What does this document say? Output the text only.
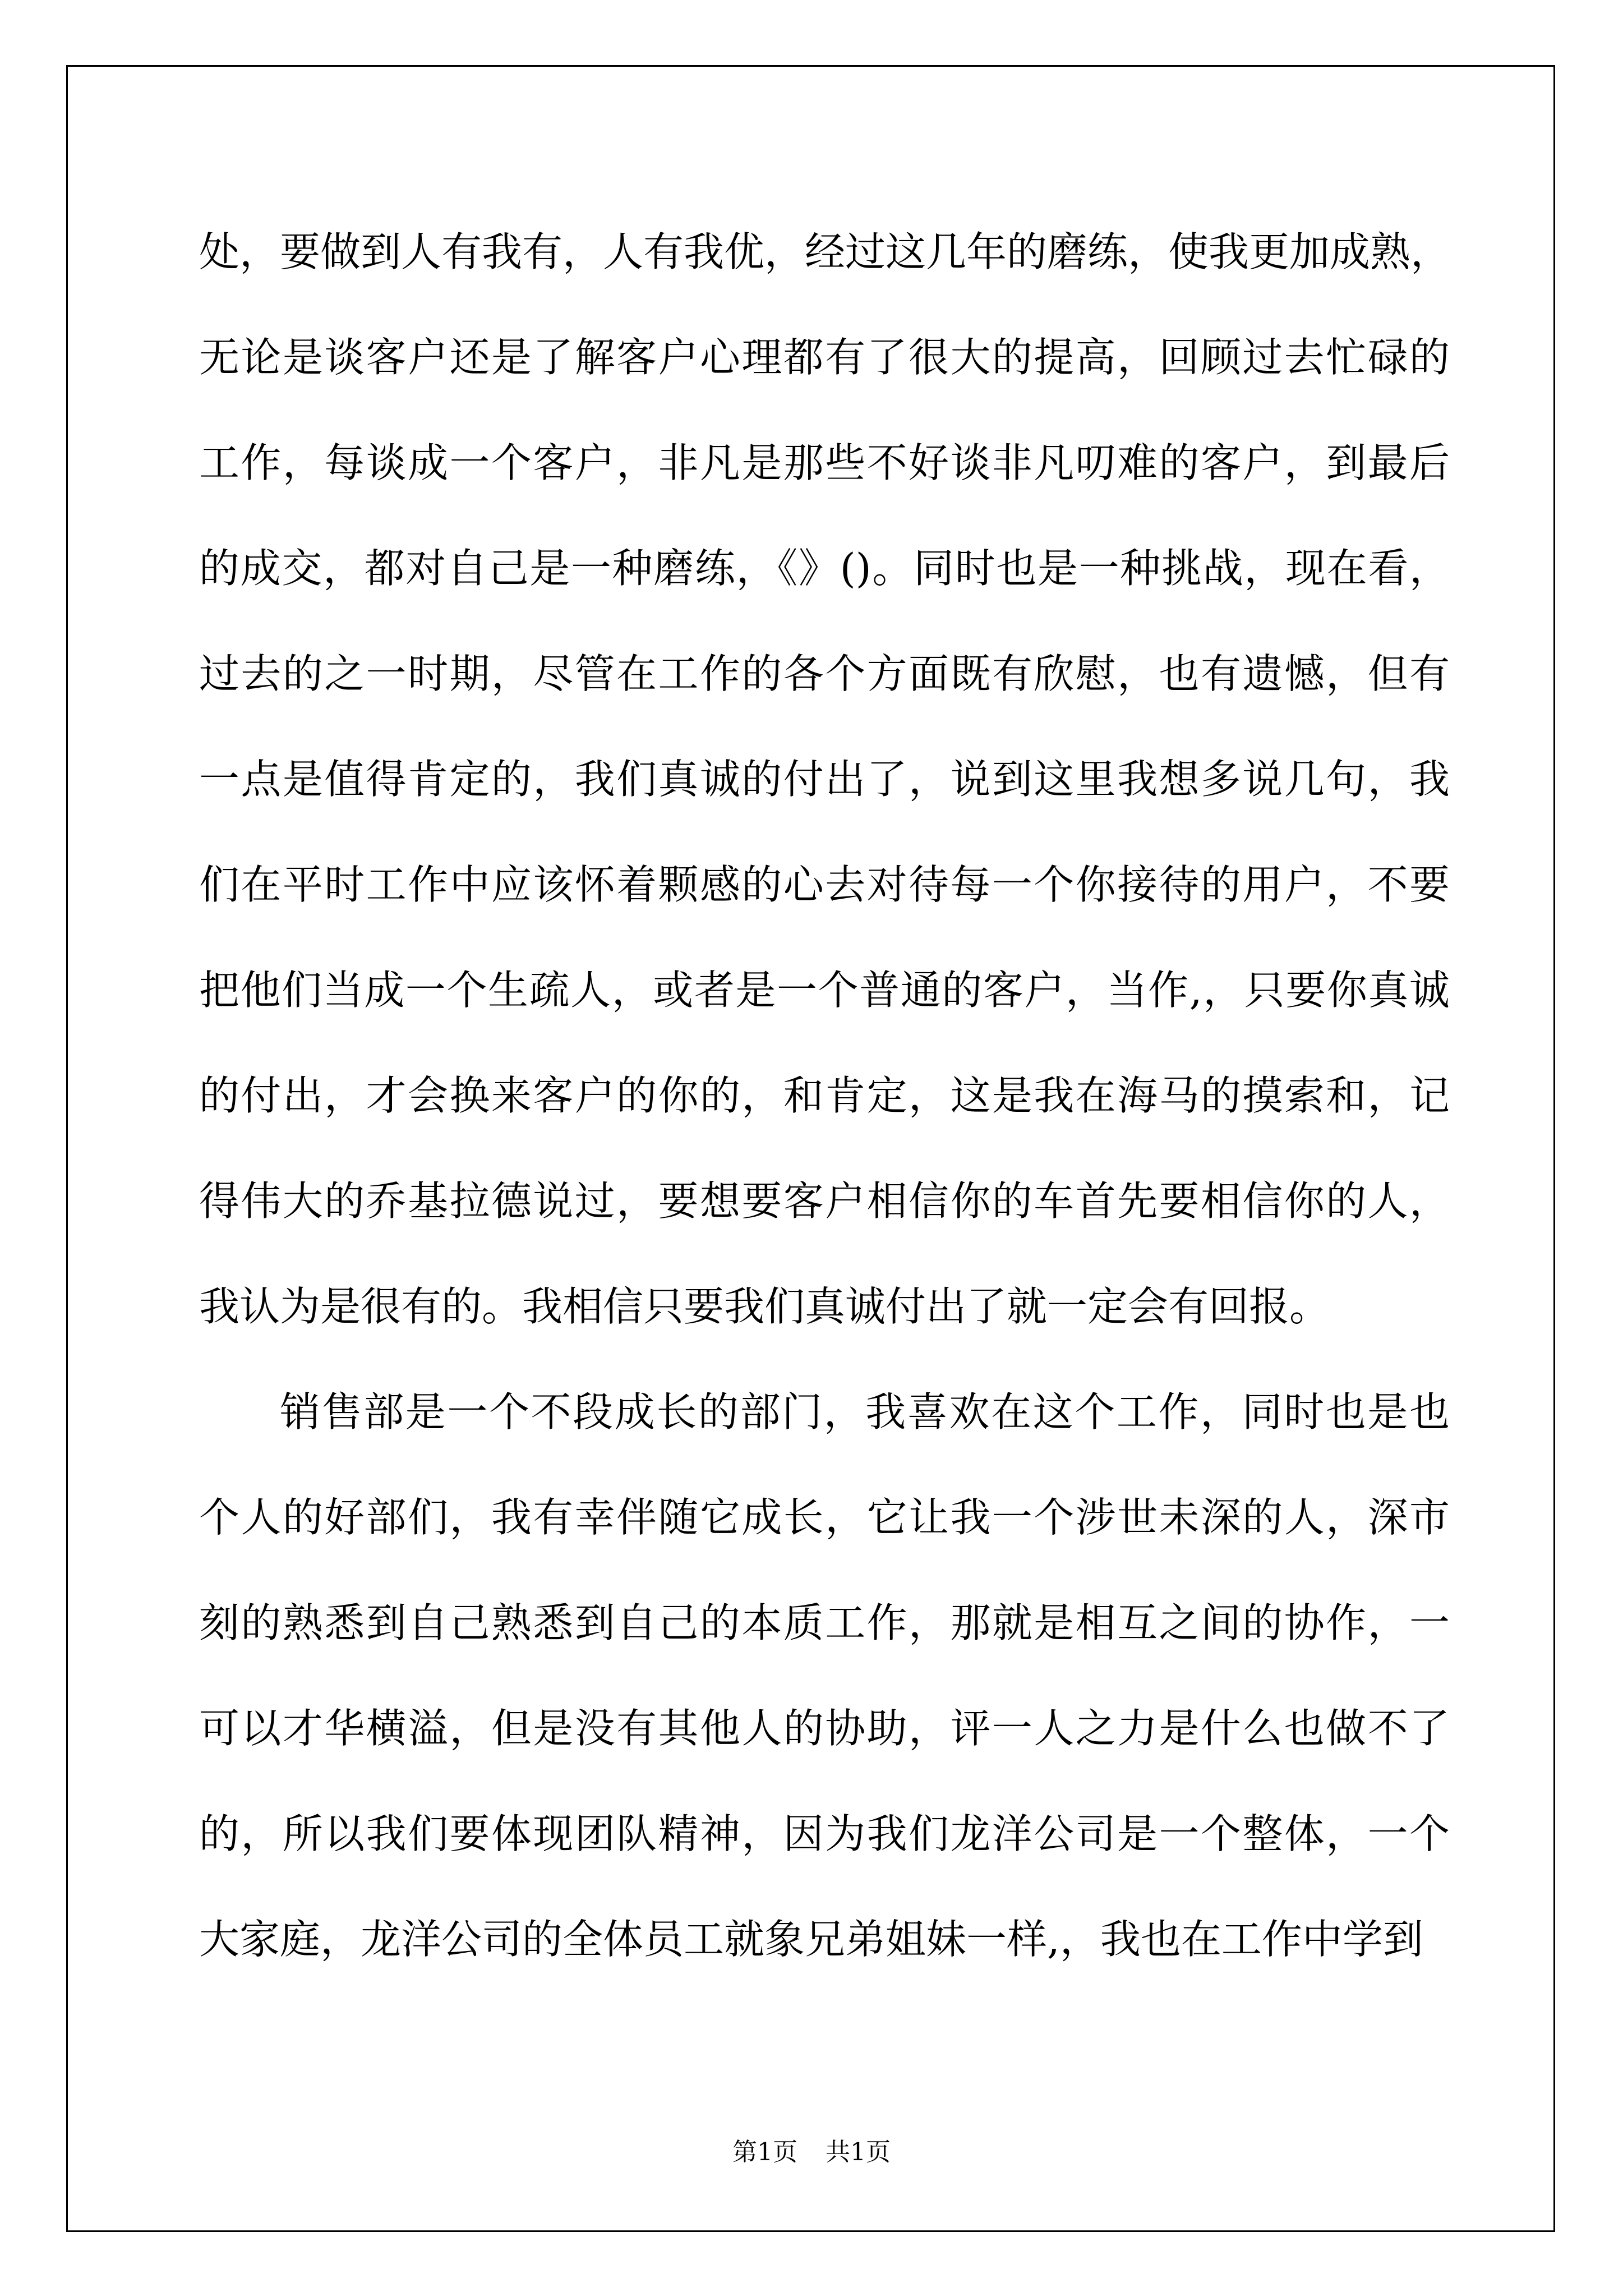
处，要做到人有我有，人有我优，经过这几年的磨练，使我更加成熟，
无论是谈客户还是了解客户心理都有了很大的提高，回顾过去忙碌的
工作，每谈成一个客户，非凡是那些不好谈非凡叨难的客户，到最后
的成交，都对自己是一种磨练，《》()。同时也是一种挑战，现在看，
过去的之一时期，尽管在工作的各个方面既有欣慰，也有遗憾，但有
一点是值得肯定的，我们真诚的付出了，说到这里我想多说几句，我
们在平时工作中应该怀着颗感的心去对待每一个你接待的用户，不要
把他们当成一个生疏人，或者是一个普通的客户，当作,，只要你真诚
的付出，才会换来客户的你的，和肯定，这是我在海马的摸索和，记
得伟大的乔基拉德说过，要想要客户相信你的车首先要相信你的人，
我认为是很有的。我相信只要我们真诚付出了就一定会有回报。
销售部是一个不段成长的部门，我喜欢在这个工作，同时也是也
个人的好部们，我有幸伴随它成长，它让我一个涉世未深的人，深市
刻的熟悉到自己熟悉到自己的本质工作，那就是相互之间的协作，一
可以才华横溢，但是没有其他人的协助，评一人之力是什么也做不了
的，所以我们要体现团队精神，因为我们龙洋公司是一个整体，一个
大家庭，龙洋公司的全体员工就象兄弟姐妹一样,，我也在工作中学到
第1页 共1页
